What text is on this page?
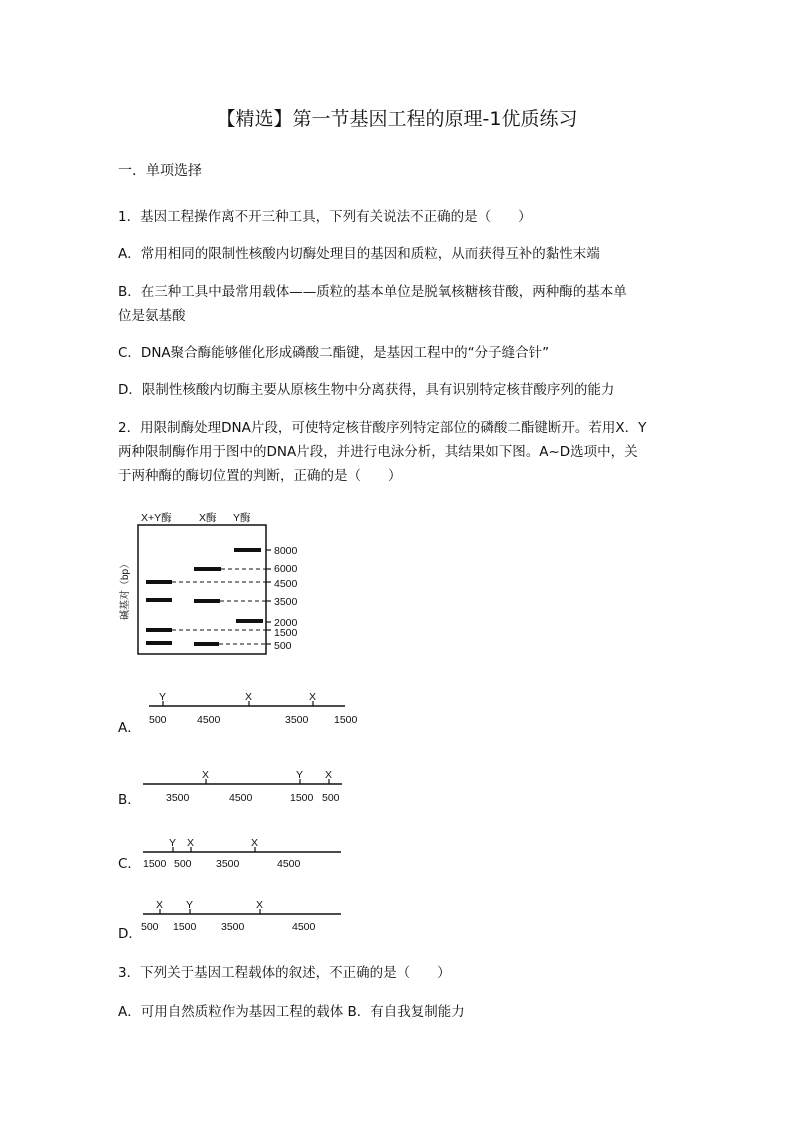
【精选】第一节基因工程的原理-1优质练习
一．单项选择
1．基因工程操作离不开三种工具，下列有关说法不正确的是（　　）
A．常用相同的限制性核酸内切酶处理目的基因和质粒，从而获得互补的黏性末端
B．在三种工具中最常用载体——质粒的基本单位是脱氧核糖核苷酸，两种酶的基本单
位是氨基酸
C．DNA聚合酶能够催化形成磷酸二酯键，是基因工程中的“分子缝合针”
D．限制性核酸内切酶主要从原核生物中分离获得，具有识别特定核苷酸序列的能力
2．用限制酶处理DNA片段，可使特定核苷酸序列特定部位的磷酸二酯键断开。若用X．Y
两种限制酶作用于图中的DNA片段，并进行电泳分析，其结果如下图。A~D选项中，关
于两种酶的酶切位置的判断，正确的是（　　）
X+Y酶	X酶 Y酶
碱基对（bp）
8000
6000
4500
3500
2000
1500
500
A．
Y	X	X
500	4500	3500 1500
B．
X	Y X
3500	4500	1500 500
C．
Y X	X
1500 500 3500	4500
D．
X Y	X
500 1500 3500	4500
3．下列关于基因工程载体的叙述，不正确的是（　　）
A．可用自然质粒作为基因工程的载体 B．有自我复制能力
